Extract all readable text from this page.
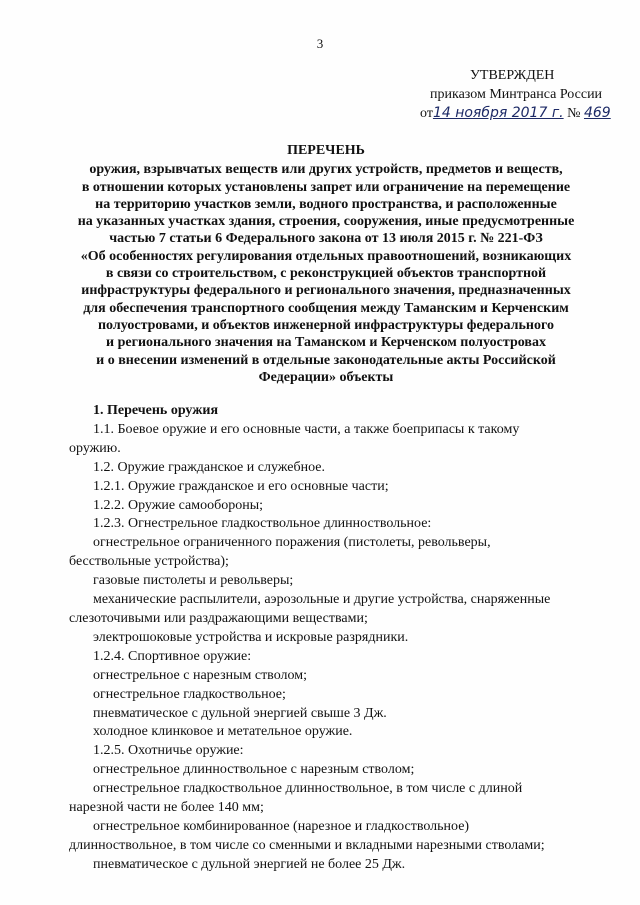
3
УТВЕРЖДЕН
приказом Минтранса России
от14 ноября 2017 г. № 469
ПЕРЕЧЕНЬ
оружия, взрывчатых веществ или других устройств, предметов и веществ,
в отношении которых установлены запрет или ограничение на перемещение
на территорию участков земли, водного пространства, и расположенные
на указанных участках здания, строения, сооружения, иные предусмотренные
частью 7 статьи 6 Федерального закона от 13 июля 2015 г. № 221-ФЗ
«Об особенностях регулирования отдельных правоотношений, возникающих
в связи со строительством, с реконструкцией объектов транспортной
инфраструктуры федерального и регионального значения, предназначенных
для обеспечения транспортного сообщения между Таманским и Керченским
полуостровами, и объектов инженерной инфраструктуры федерального
и регионального значения на Таманском и Керченском полуостровах
и о внесении изменений в отдельные законодательные акты Российской
Федерации» объекты

1. Перечень оружия

1.1. Боевое оружие и его основные части, а также боеприпасы к такому

оружию.

1.2. Оружие гражданское и служебное.

1.2.1. Оружие гражданское и его основные части;

1.2.2. Оружие самообороны;

1.2.3. Огнестрельное гладкоствольное длинноствольное:

огнестрельное ограниченного поражения (пистолеты, револьверы,

бесствольные устройства);

газовые пистолеты и револьверы;

механические распылители, аэрозольные и другие устройства, снаряженные

слезоточивыми или раздражающими веществами;

электрошоковые устройства и искровые разрядники.

1.2.4. Спортивное оружие:

огнестрельное с нарезным стволом;

огнестрельное гладкоствольное;

пневматическое с дульной энергией свыше 3 Дж.

холодное клинковое и метательное оружие.

1.2.5. Охотничье оружие:

огнестрельное длинноствольное с нарезным стволом;

огнестрельное гладкоствольное длинноствольное, в том числе с длиной

нарезной части не более 140 мм;

огнестрельное комбинированное (нарезное и гладкоствольное)

длинноствольное, в том числе со сменными и вкладными нарезными стволами;

пневматическое с дульной энергией не более 25 Дж.
